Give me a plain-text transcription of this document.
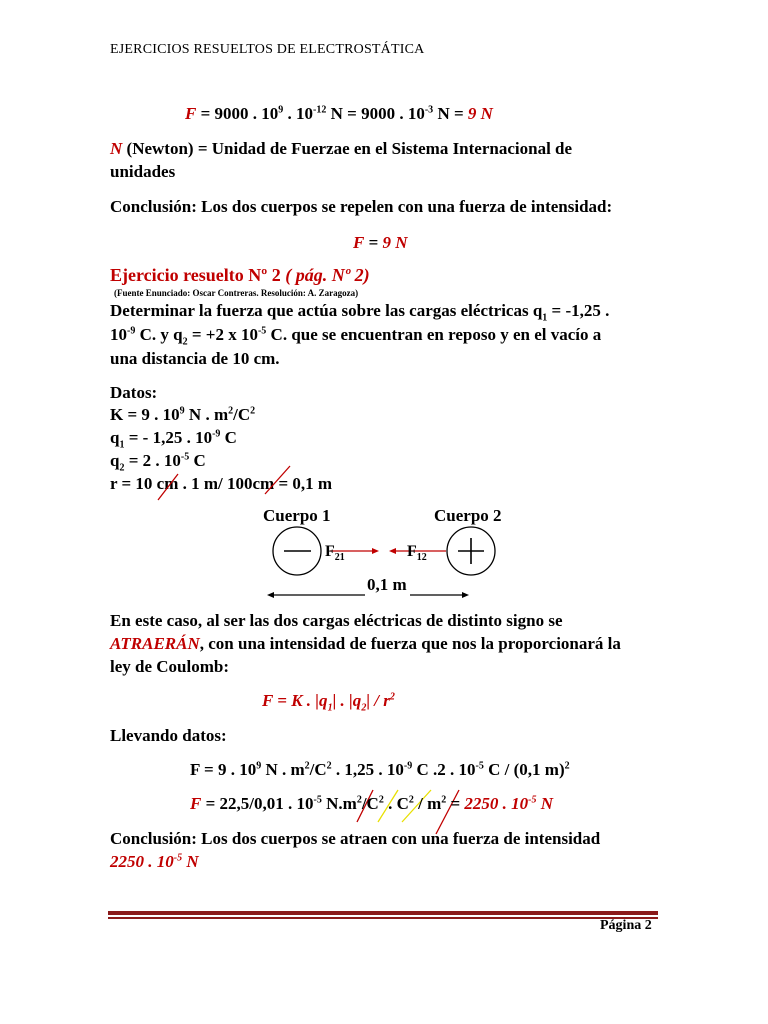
EJERCICIOS RESUELTOS DE ELECTROSTÁTICA
F = 9000 . $10^9$ . $10^{-12}$ N = 9000 . $10^{-3}$ N = 9 N
N (Newton) = Unidad de Fuerzae en el Sistema Internacional de
unidades
Conclusión: Los dos cuerpos se repelen con una fuerza de intensidad:
F = 9 N
Ejercicio resuelto Nº 2 ( pág. Nº 2)
(Fuente Enunciado: Oscar Contreras. Resolución: A. Zaragoza)
Determinar la fuerza que actúa sobre las cargas eléctricas $q_1 = -1,25$ .
$10^{-9}$ C. y $q_2 = +2$ x $10^{-5}$ C. que se encuentran en reposo y en el vacío a
una distancia de 10 cm.
Datos:
K = 9 . $10^9$ N . $m^2/C^2$
$q_1$ = - 1,25 . $10^{-9}$ C
$q_2 = 2$ . $10^{-5}$ C
r = 10 cm . 1 m/ 100cm = 0,1 m
Cuerpo 1	Cuerpo 2
$F_{21}$	$F_{12}$
0,1 m
En este caso, al ser las dos cargas eléctricas de distinto signo se
ATRAERÁN, con una intensidad de fuerza que nos la proporcionará la
ley de Coulomb:
F = K . $|q_1|$ . $|q_2| / r^2$
Llevando datos:
F = 9 . $10^9$ N . $m^2/C^2$ . 1,25 . $10^{-9}$ C .2 . $10^{-5}$ C / (0,1 m)$^2$
F = 22,5/0,01 . $10^{-5}$ $N.m^2/C^2$ . $C^2 / m^2 = 2250$ . $10^{-5}$ N
Conclusión: Los dos cuerpos se atraen con una fuerza de intensidad
2250 . $10^{-5}$ N
Página 2
